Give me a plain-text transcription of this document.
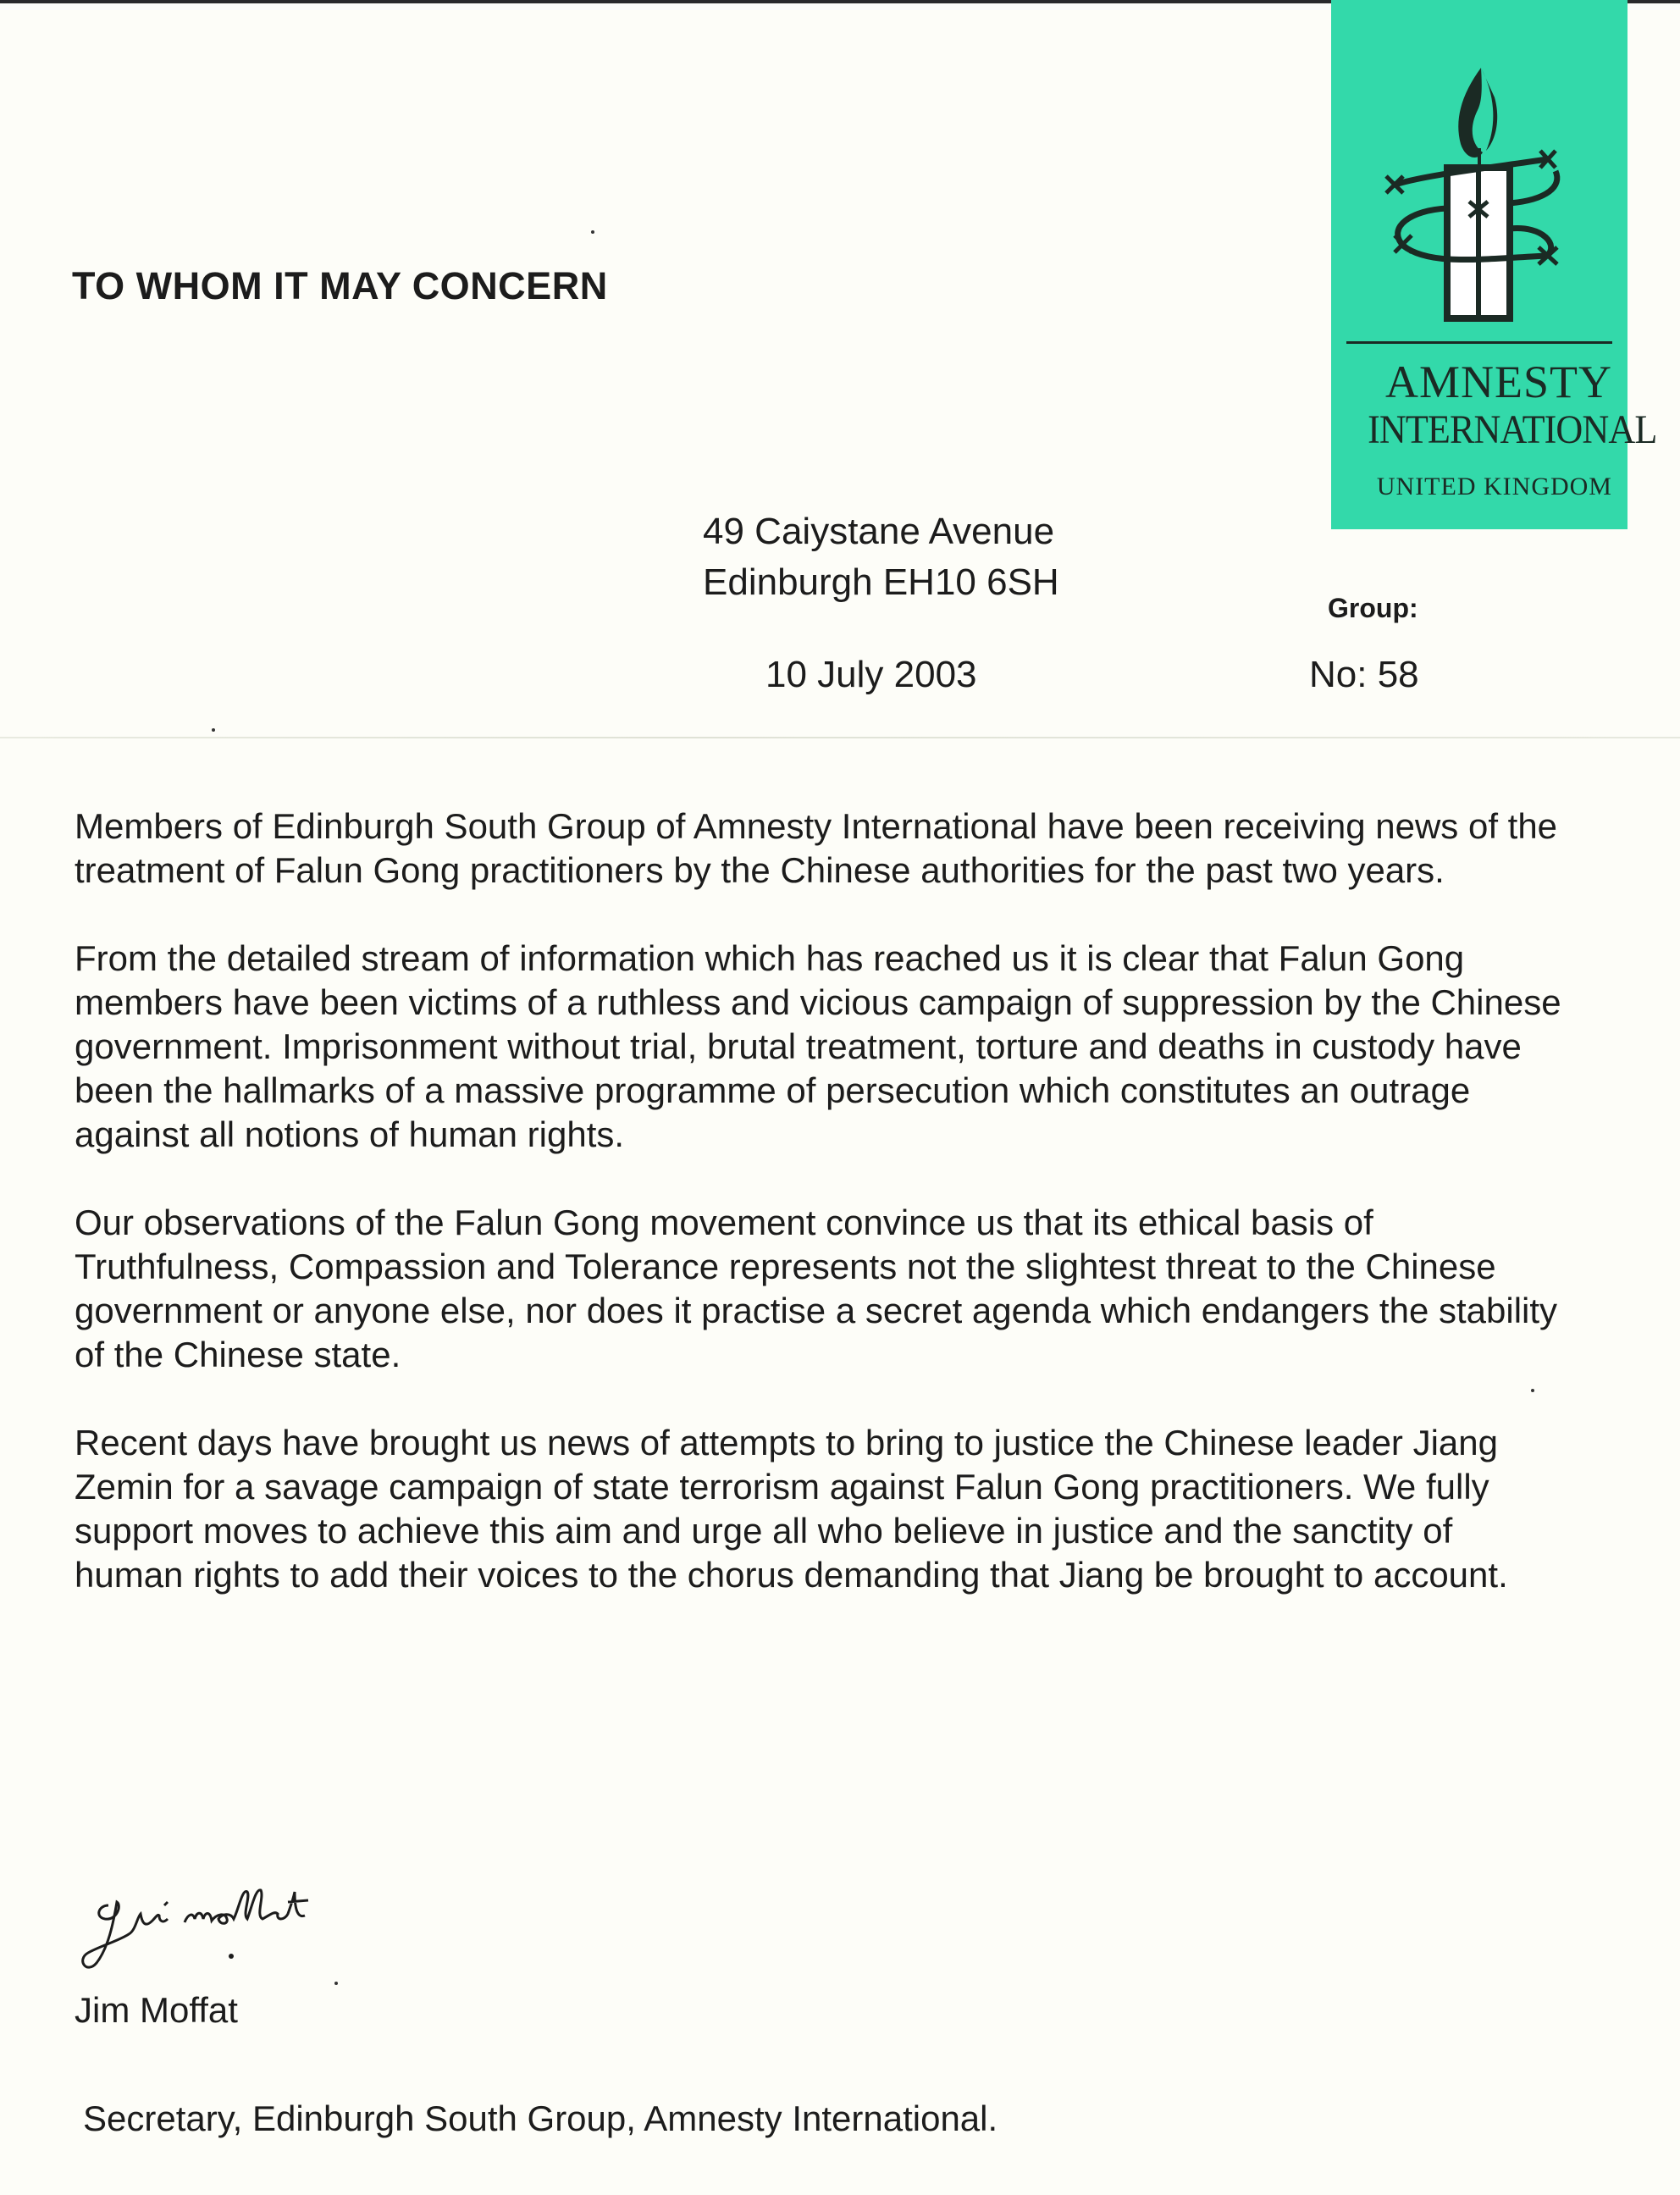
TO WHOM IT MAY CONCERN
AMNESTY
INTERNATIONAL
UNITED KINGDOM
49 Caiystane Avenue
Edinburgh EH10 6SH
Group:
10 July 2003	No: 58

Members of Edinburgh South Group of Amnesty International have been receiving news of the treatment of Falun Gong practitioners by the Chinese authorities for the past two years.

From the detailed stream of information which has reached us it is clear that Falun Gong members have been victims of a ruthless and vicious campaign of suppression by the Chinese government. Imprisonment without trial, brutal treatment, torture and deaths in custody have been the hallmarks of a massive programme of persecution which constitutes an outrage against all notions of human rights.

Our observations of the Falun Gong movement convince us that its ethical basis of Truthfulness, Compassion and Tolerance represents not the slightest threat to the Chinese government or anyone else, nor does it practise a secret agenda which endangers the stability of the Chinese state.

Recent days have brought us news of attempts to bring to justice the Chinese leader Jiang Zemin for a savage campaign of state terrorism against Falun Gong practitioners. We fully support moves to achieve this aim and urge all who believe in justice and the sanctity of human rights to add their voices to the chorus demanding that Jiang be brought to account.

Jim Moffat
Secretary, Edinburgh South Group, Amnesty International.
